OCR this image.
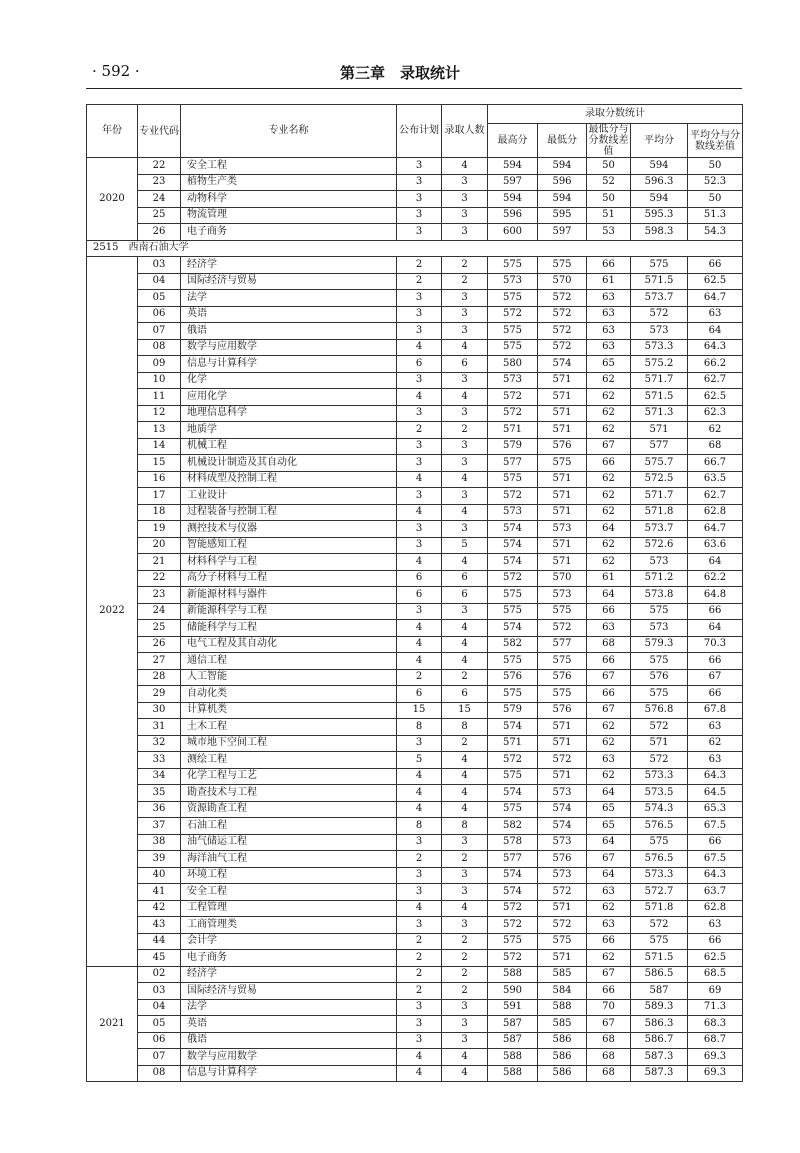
· 592 ·	第三章　录取统计
年份	专业代码	专业名称	公布计划	录取人数	录取分数统计				
					最高分	最低分	最低分与分数线差值	平均分	平均分与分数线差值
2020	22	安全工程	3	4	594	594	50	594	50
	23	植物生产类	3	3	597	596	52	596.3	52.3
	24	动物科学	3	3	594	594	50	594	50
	25	物流管理	3	3	596	595	51	595.3	51.3
	26	电子商务	3	3	600	597	53	598.3	54.3
2515　西南石油大学									
2022	03	经济学	2	2	575	575	66	575	66
	04	国际经济与贸易	2	2	573	570	61	571.5	62.5
	05	法学	3	3	575	572	63	573.7	64.7
	06	英语	3	3	572	572	63	572	63
	07	俄语	3	3	575	572	63	573	64
	08	数学与应用数学	4	4	575	572	63	573.3	64.3
	09	信息与计算科学	6	6	580	574	65	575.2	66.2
	10	化学	3	3	573	571	62	571.7	62.7
	11	应用化学	4	4	572	571	62	571.5	62.5
	12	地理信息科学	3	3	572	571	62	571.3	62.3
	13	地质学	2	2	571	571	62	571	62
	14	机械工程	3	3	579	576	67	577	68
	15	机械设计制造及其自动化	3	3	577	575	66	575.7	66.7
	16	材料成型及控制工程	4	4	575	571	62	572.5	63.5
	17	工业设计	3	3	572	571	62	571.7	62.7
	18	过程装备与控制工程	4	4	573	571	62	571.8	62.8
	19	测控技术与仪器	3	3	574	573	64	573.7	64.7
	20	智能感知工程	3	5	574	571	62	572.6	63.6
	21	材料科学与工程	4	4	574	571	62	573	64
	22	高分子材料与工程	6	6	572	570	61	571.2	62.2
	23	新能源材料与器件	6	6	575	573	64	573.8	64.8
	24	新能源科学与工程	3	3	575	575	66	575	66
	25	储能科学与工程	4	4	574	572	63	573	64
	26	电气工程及其自动化	4	4	582	577	68	579.3	70.3
	27	通信工程	4	4	575	575	66	575	66
	28	人工智能	2	2	576	576	67	576	67
	29	自动化类	6	6	575	575	66	575	66
	30	计算机类	15	15	579	576	67	576.8	67.8
	31	土木工程	8	8	574	571	62	572	63
	32	城市地下空间工程	3	2	571	571	62	571	62
	33	测绘工程	5	4	572	572	63	572	63
	34	化学工程与工艺	4	4	575	571	62	573.3	64.3
	35	勘查技术与工程	4	4	574	573	64	573.5	64.5
	36	资源勘查工程	4	4	575	574	65	574.3	65.3
	37	石油工程	8	8	582	574	65	576.5	67.5
	38	油气储运工程	3	3	578	573	64	575	66
	39	海洋油气工程	2	2	577	576	67	576.5	67.5
	40	环境工程	3	3	574	573	64	573.3	64.3
	41	安全工程	3	3	574	572	63	572.7	63.7
	42	工程管理	4	4	572	571	62	571.8	62.8
	43	工商管理类	3	3	572	572	63	572	63
	44	会计学	2	2	575	575	66	575	66
	45	电子商务	2	2	572	571	62	571.5	62.5
2021	02	经济学	2	2	588	585	67	586.5	68.5
	03	国际经济与贸易	2	2	590	584	66	587	69
	04	法学	3	3	591	588	70	589.3	71.3
	05	英语	3	3	587	585	67	586.3	68.3
	06	俄语	3	3	587	586	68	586.7	68.7
	07	数学与应用数学	4	4	588	586	68	587.3	69.3
	08	信息与计算科学	4	4	588	586	68	587.3	69.3
